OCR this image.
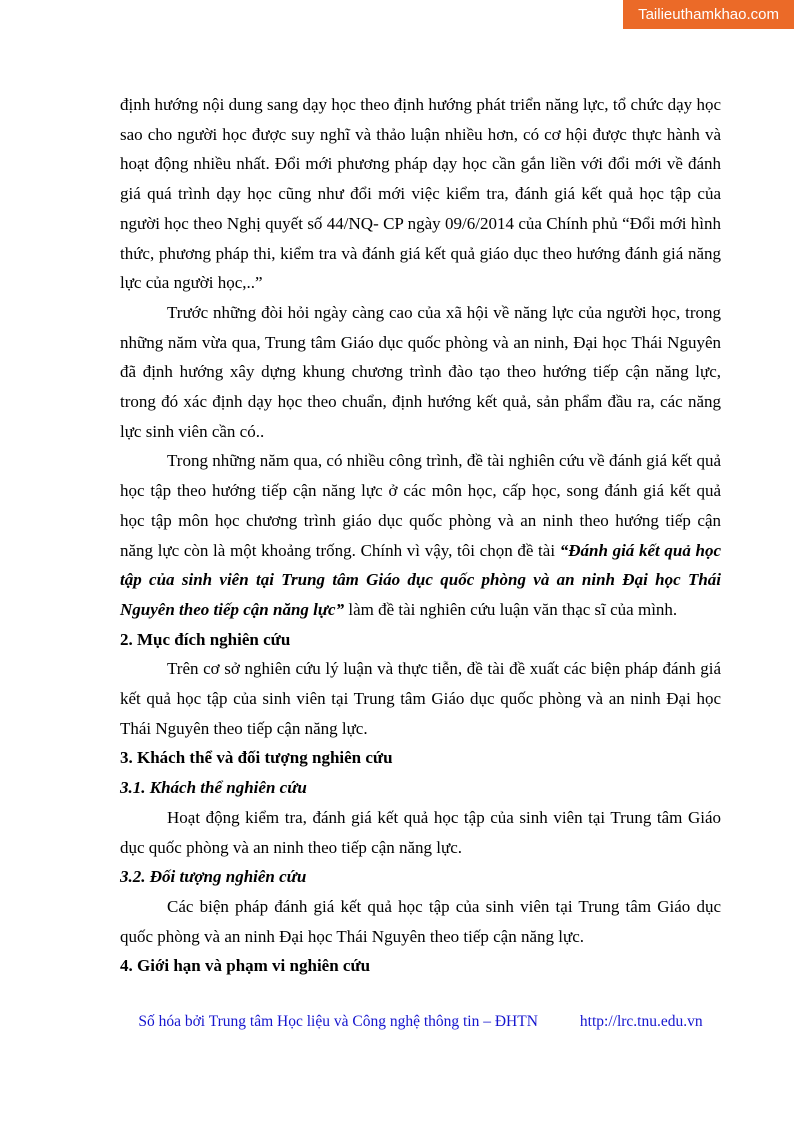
Tailieuthamkhao.com

định hướng nội dung sang dạy học theo định hướng phát triển năng lực, tổ chức dạy học sao cho người học được suy nghĩ và thảo luận nhiều hơn, có cơ hội được thực hành và hoạt động nhiều nhất. Đổi mới phương pháp dạy học cần gắn liền với đổi mới về đánh giá quá trình dạy học cũng như đổi mới việc kiểm tra, đánh giá kết quả học tập của người học theo Nghị quyết số 44/NQ- CP ngày 09/6/2014 của Chính phủ “Đổi mới hình thức, phương pháp thi, kiểm tra và đánh giá kết quả giáo dục theo hướng đánh giá năng lực của người học,..”

Trước những đòi hỏi ngày càng cao của xã hội về năng lực của người học, trong những năm vừa qua, Trung tâm Giáo dục quốc phòng và an ninh, Đại học Thái Nguyên đã định hướng xây dựng khung chương trình đào tạo theo hướng tiếp cận năng lực, trong đó xác định dạy học theo chuẩn, định hướng kết quả, sản phẩm đầu ra, các năng lực sinh viên cần có..

Trong những năm qua, có nhiều công trình, đề tài nghiên cứu về đánh giá kết quả học tập theo hướng tiếp cận năng lực ở các môn học, cấp học, song đánh giá kết quả học tập môn học chương trình giáo dục quốc phòng và an ninh theo hướng tiếp cận năng lực còn là một khoảng trống. Chính vì vậy, tôi chọn đề tài “Đánh giá kết quả học tập của sinh viên tại Trung tâm Giáo dục quốc phòng và an ninh Đại học Thái Nguyên theo tiếp cận năng lực” làm đề tài nghiên cứu luận văn thạc sĩ của mình.

2. Mục đích nghiên cứu

Trên cơ sở nghiên cứu lý luận và thực tiễn, đề tài đề xuất các biện pháp đánh giá kết quả học tập của sinh viên tại Trung tâm Giáo dục quốc phòng và an ninh Đại học Thái Nguyên theo tiếp cận năng lực.

3. Khách thể và đối tượng nghiên cứu
3.1. Khách thể nghiên cứu

Hoạt động kiểm tra, đánh giá kết quả học tập của sinh viên tại Trung tâm Giáo dục quốc phòng và an ninh theo tiếp cận năng lực.

3.2. Đối tượng nghiên cứu

Các biện pháp đánh giá kết quả học tập của sinh viên tại Trung tâm Giáo dục quốc phòng và an ninh Đại học Thái Nguyên theo tiếp cận năng lực.

4. Giới hạn và phạm vi nghiên cứu
Số hóa bởi Trung tâm Học liệu và Công nghệ thông tin – ĐHTN	http://lrc.tnu.edu.vn
